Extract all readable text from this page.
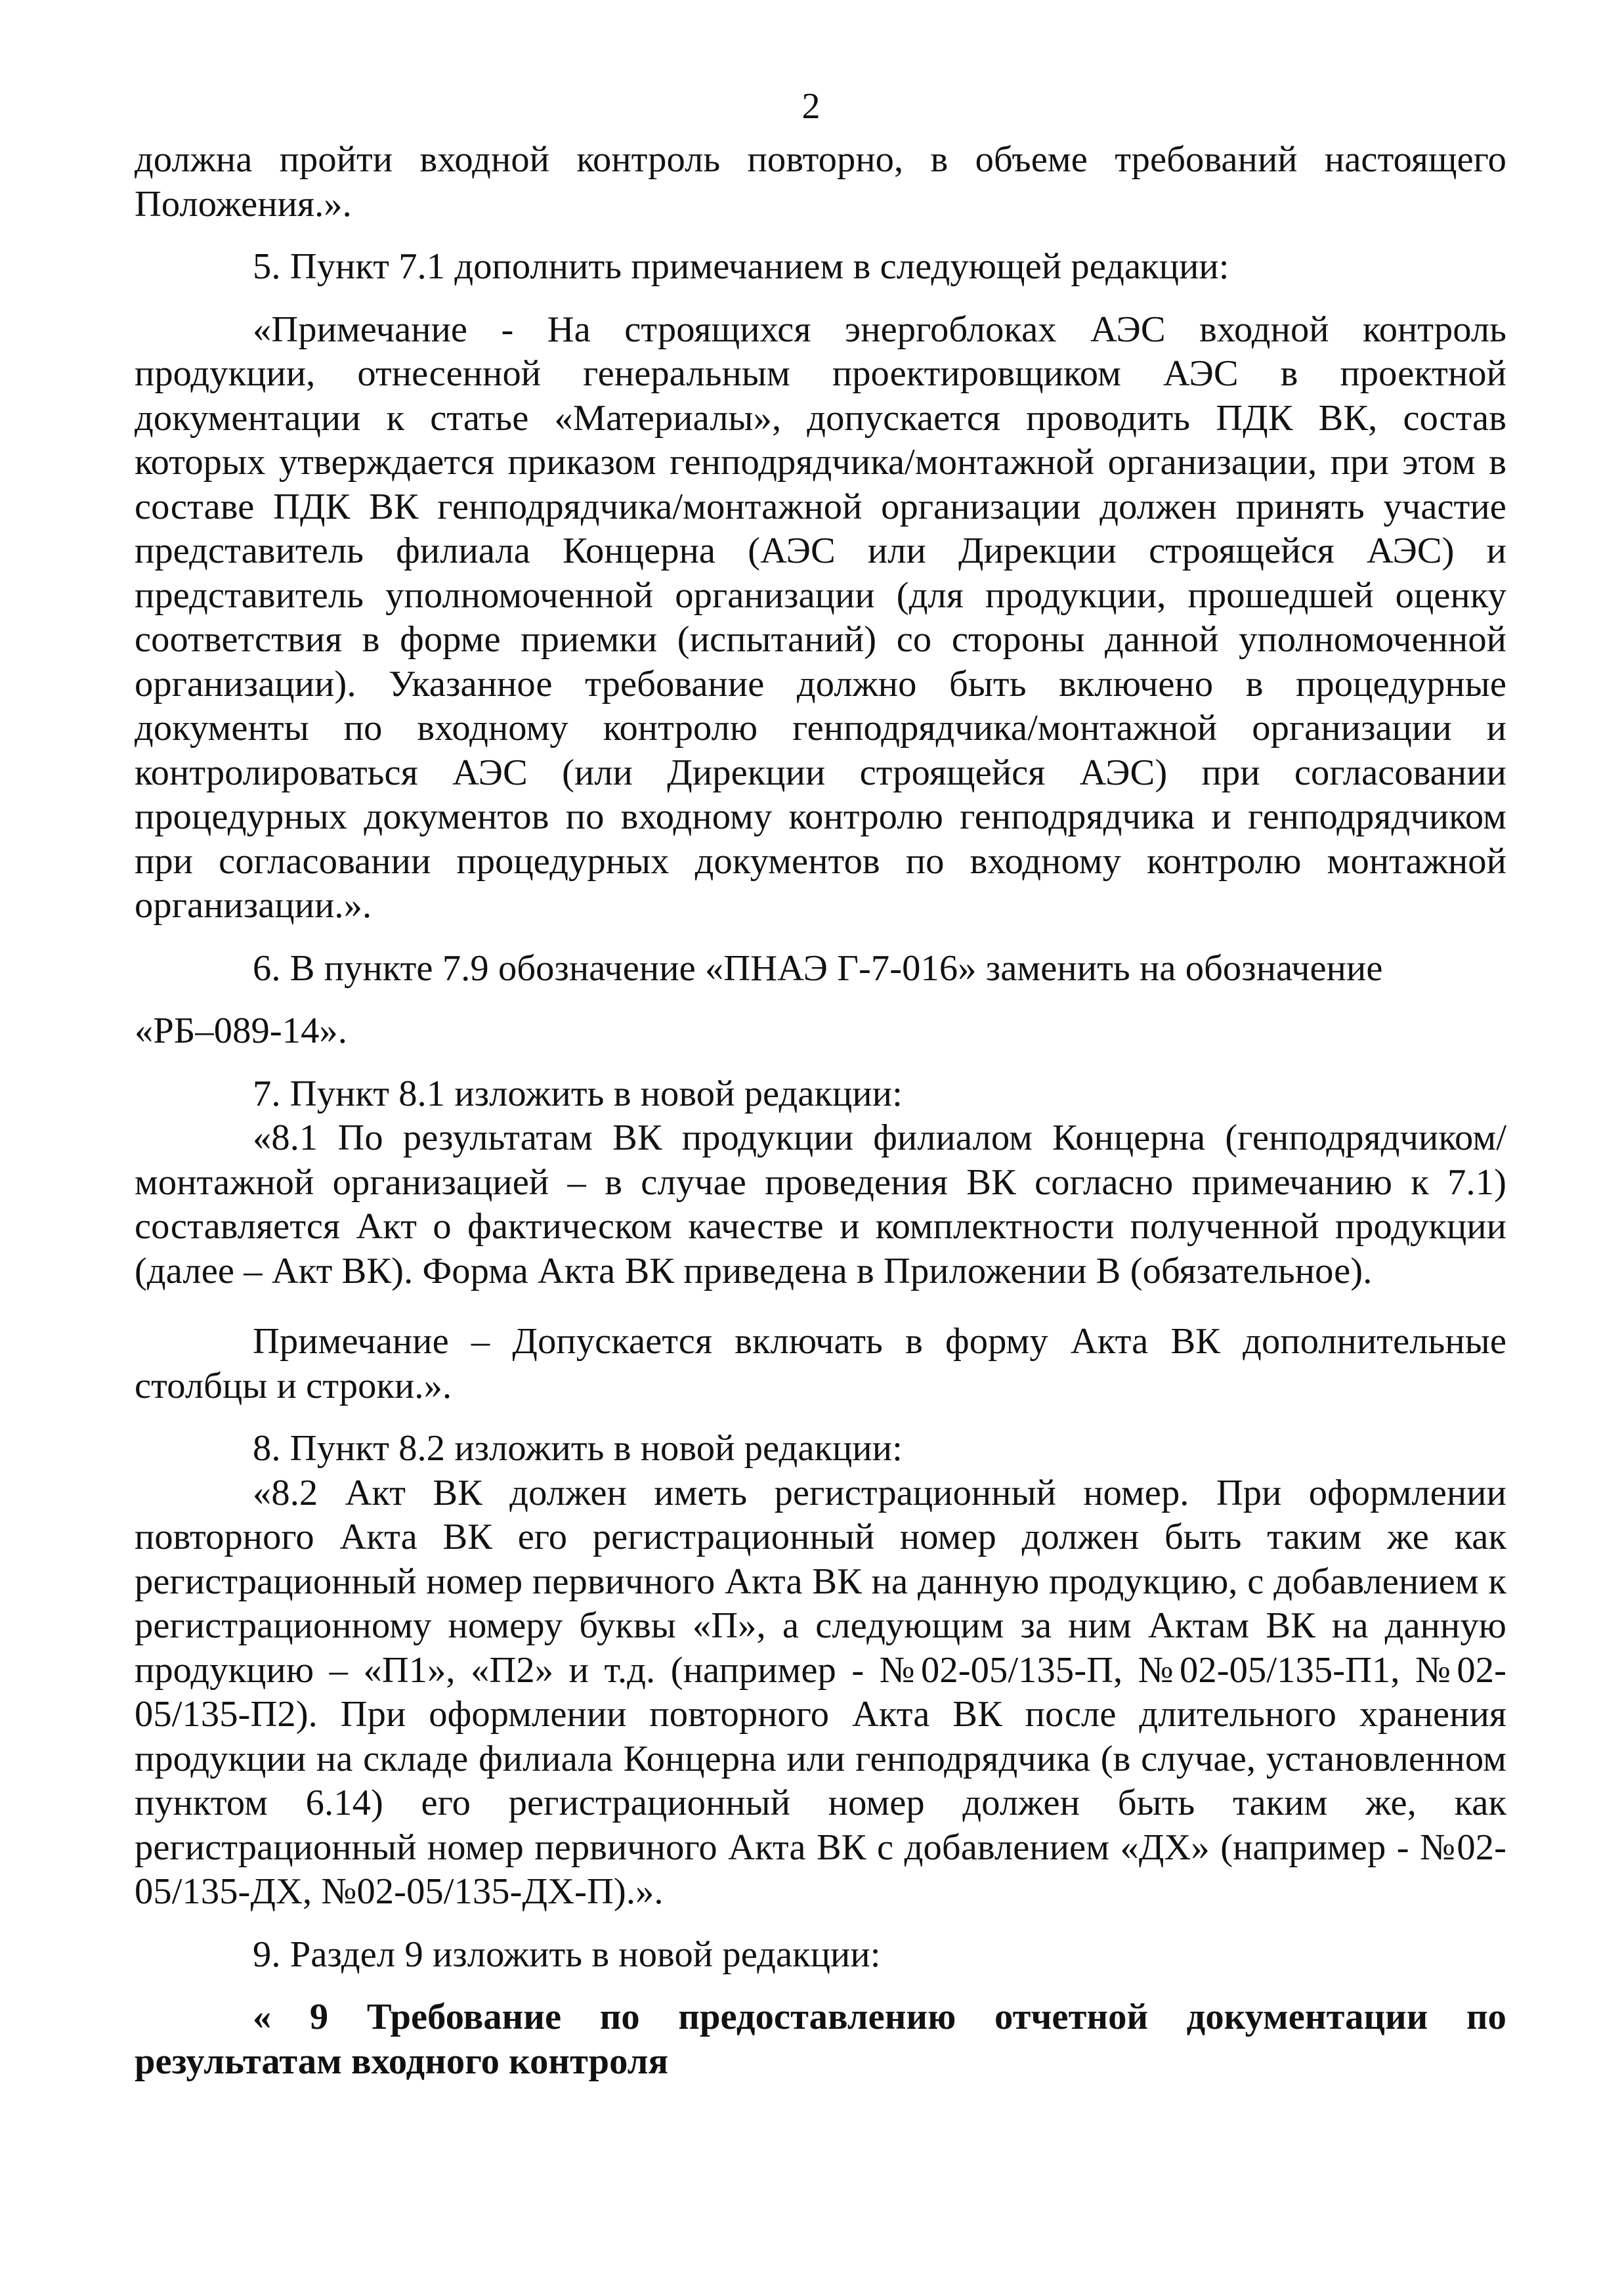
2

должна пройти входной контроль повторно, в объеме требований настоящего Положения.».

5. Пункт 7.1 дополнить примечанием в следующей редакции:

«Примечание - На строящихся энергоблоках АЭС входной контроль продукции, отнесенной генеральным проектировщиком АЭС в проектной документации к статье «Материалы», допускается проводить ПДК ВК, состав которых утверждается приказом генподрядчика/монтажной организации, при этом в составе ПДК ВК генподрядчика/монтажной организации должен принять участие представитель филиала Концерна (АЭС или Дирекции строящейся АЭС) и представитель уполномоченной организации (для продукции, прошедшей оценку соответствия в форме приемки (испытаний) со стороны данной уполномоченной организации). Указанное требование должно быть включено в процедурные документы по входному контролю генподрядчика/монтажной организации и контролироваться АЭС (или Дирекции строящейся АЭС) при согласовании процедурных документов по входному контролю генподрядчика и генподрядчиком при согласовании процедурных документов по входному контролю монтажной организации.».

6. В пункте 7.9 обозначение «ПНАЭ Г-7-016» заменить на обозначение

«РБ–089-14».

7. Пункт 8.1 изложить в новой редакции:

«8.1 По результатам ВК продукции филиалом Концерна (генподрядчиком/ монтажной организацией – в случае проведения ВК согласно примечанию к 7.1) составляется Акт о фактическом качестве и комплектности полученной продукции (далее – Акт ВК). Форма Акта ВК приведена в Приложении В (обязательное).

Примечание – Допускается включать в форму Акта ВК дополнительные столбцы и строки.».

8. Пункт 8.2 изложить в новой редакции:

«8.2 Акт ВК должен иметь регистрационный номер. При оформлении повторного Акта ВК его регистрационный номер должен быть таким же как регистрационный номер первичного Акта ВК на данную продукцию, с добавлением к регистрационному номеру буквы «П», а следующим за ним Актам ВК на данную продукцию – «П1», «П2» и т.д. (например - №02-05/135-П, №02-05/135-П1, №02-05/135-П2). При оформлении повторного Акта ВК после длительного хранения продукции на складе филиала Концерна или генподрядчика (в случае, установленном пунктом 6.14) его регистрационный номер должен быть таким же, как регистрационный номер первичного Акта ВК с добавлением «ДХ» (например - №02-05/135-ДХ, №02-05/135-ДХ-П).».

9. Раздел 9 изложить в новой редакции:

« 9 Требование по предоставлению отчетной документации по результатам входного контроля
